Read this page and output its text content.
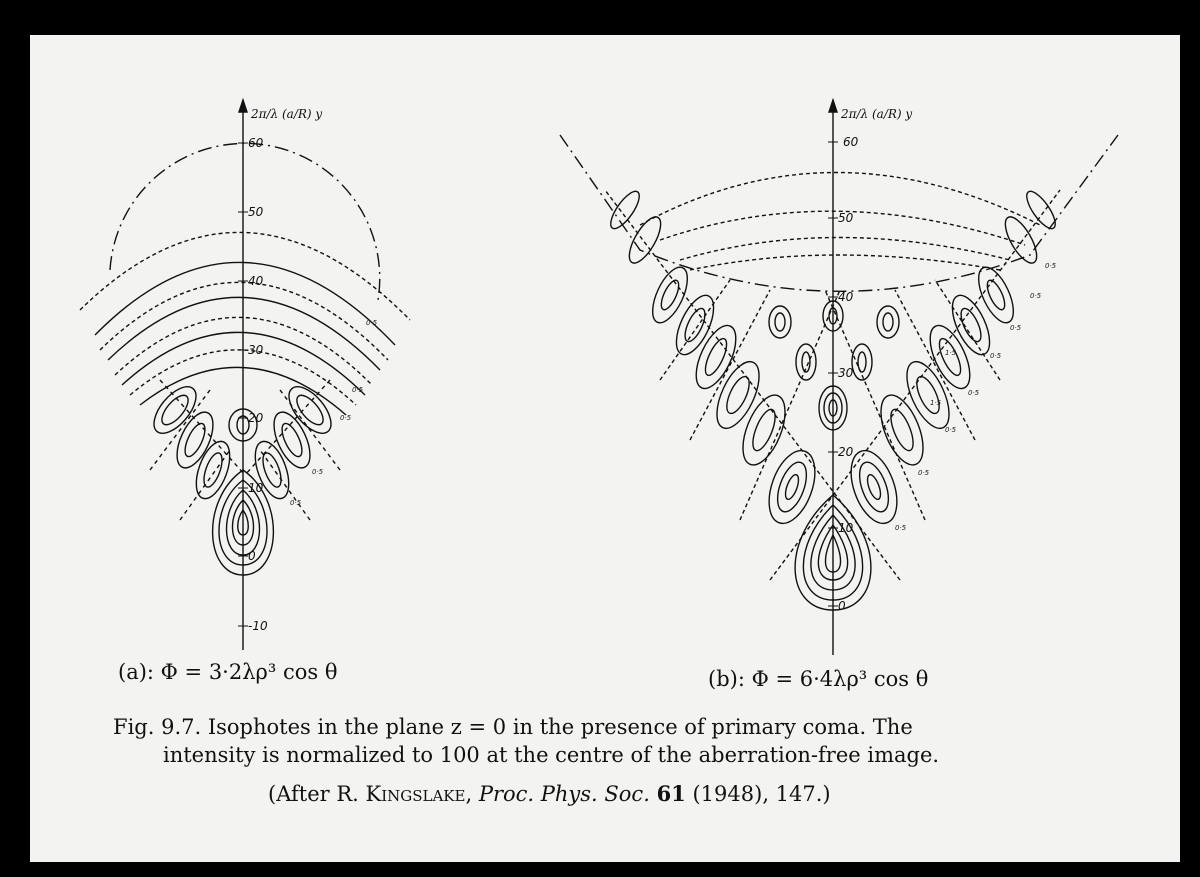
2π/λ (a/R) y	2π/λ (a/R) y
60
50
40
30
20
10
0
-10
60
50
40
30
20
10
0
0·5
0·5
0·5
0·5
0·5
0·5
0·5
0·5
0·5
0·5
1·5
1·5
0·5
0·5
0·5
(a): Φ = 3·2λρ³ cos θ	(b): Φ = 6·4λρ³ cos θ
Fig. 9.7. Isophotes in the plane z = 0 in the presence of primary coma. The
intensity is normalized to 100 at the centre of the aberration-free image.
(After R. Kingslake, Proc. Phys. Soc. 61 (1948), 147.)
